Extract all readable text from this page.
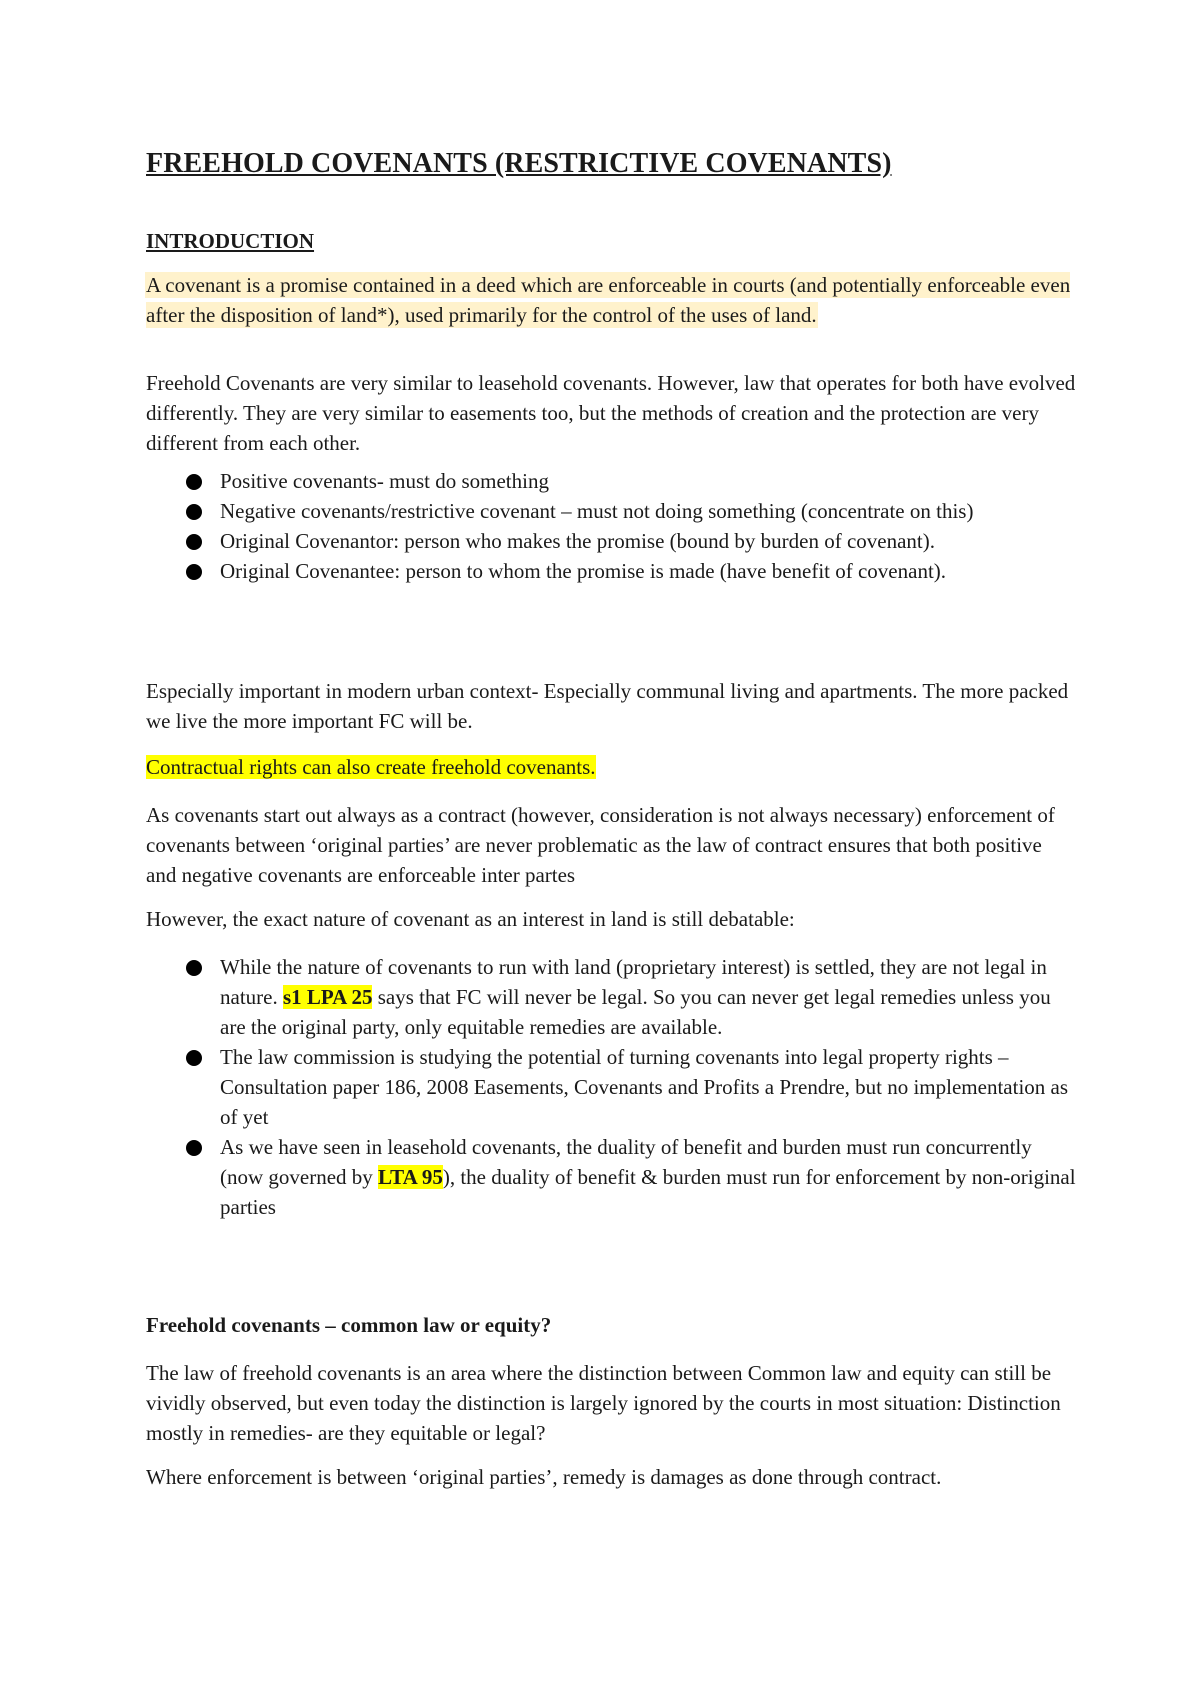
FREEHOLD COVENANTS (RESTRICTIVE COVENANTS)
INTRODUCTION

A covenant is a promise contained in a deed which are enforceable in courts (and potentially enforceable even after the disposition of land*), used primarily for the control of the uses of land.

Freehold Covenants are very similar to leasehold covenants. However, law that operates for both have evolved differently. They are very similar to easements too, but the methods of creation and the protection are very different from each other.

Positive covenants- must do something
Negative covenants/restrictive covenant – must not doing something (concentrate on this)
Original Covenantor: person who makes the promise (bound by burden of covenant).
Original Covenantee: person to whom the promise is made (have benefit of covenant).

Especially important in modern urban context- Especially communal living and apartments. The more packed we live the more important FC will be.

Contractual rights can also create freehold covenants.

As covenants start out always as a contract (however, consideration is not always necessary) enforcement of covenants between ‘original parties’ are never problematic as the law of contract ensures that both positive and negative covenants are enforceable inter partes

However, the exact nature of covenant as an interest in land is still debatable:

While the nature of covenants to run with land (proprietary interest) is settled, they are not legal in nature. s1 LPA 25 says that FC will never be legal. So you can never get legal remedies unless you are the original party, only equitable remedies are available.
The law commission is studying the potential of turning covenants into legal property rights – Consultation paper 186, 2008 Easements, Covenants and Profits a Prendre, but no implementation as of yet
As we have seen in leasehold covenants, the duality of benefit and burden must run concurrently (now governed by LTA 95), the duality of benefit & burden must run for enforcement by non-original parties
Freehold covenants – common law or equity?

The law of freehold covenants is an area where the distinction between Common law and equity can still be vividly observed, but even today the distinction is largely ignored by the courts in most situation: Distinction mostly in remedies- are they equitable or legal?

Where enforcement is between ‘original parties’, remedy is damages as done through contract.
